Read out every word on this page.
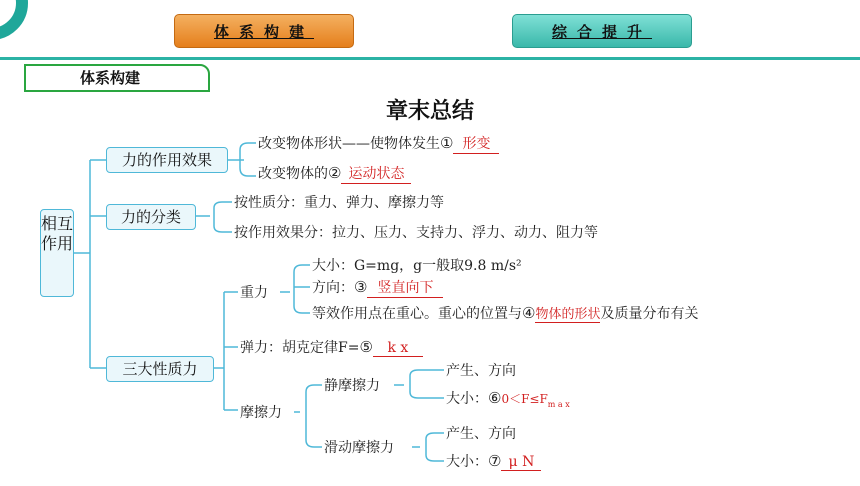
体系构建	综合提升
体系构建
章末总结
相互作用
力的作用效果
改变物体形状——使物体发生① 形变
改变物体的② 运动状态
力的分类
按性质分：重力、弹力、摩擦力等
按作用效果分：拉力、压力、支持力、浮力、动力、阻力等
三大性质力
重力
大小：G=mg，g一般取9.8 m/s²
方向：③ 竖直向下
等效作用点在重心。重心的位置与④物体的形状及质量分布有关
弹力：胡克定律F=⑤ k x
摩擦力
静摩擦力
产生、方向
大小：$⑥0<F\le F_{m a x}$
滑动摩擦力
产生、方向
大小：⑦ μ N
